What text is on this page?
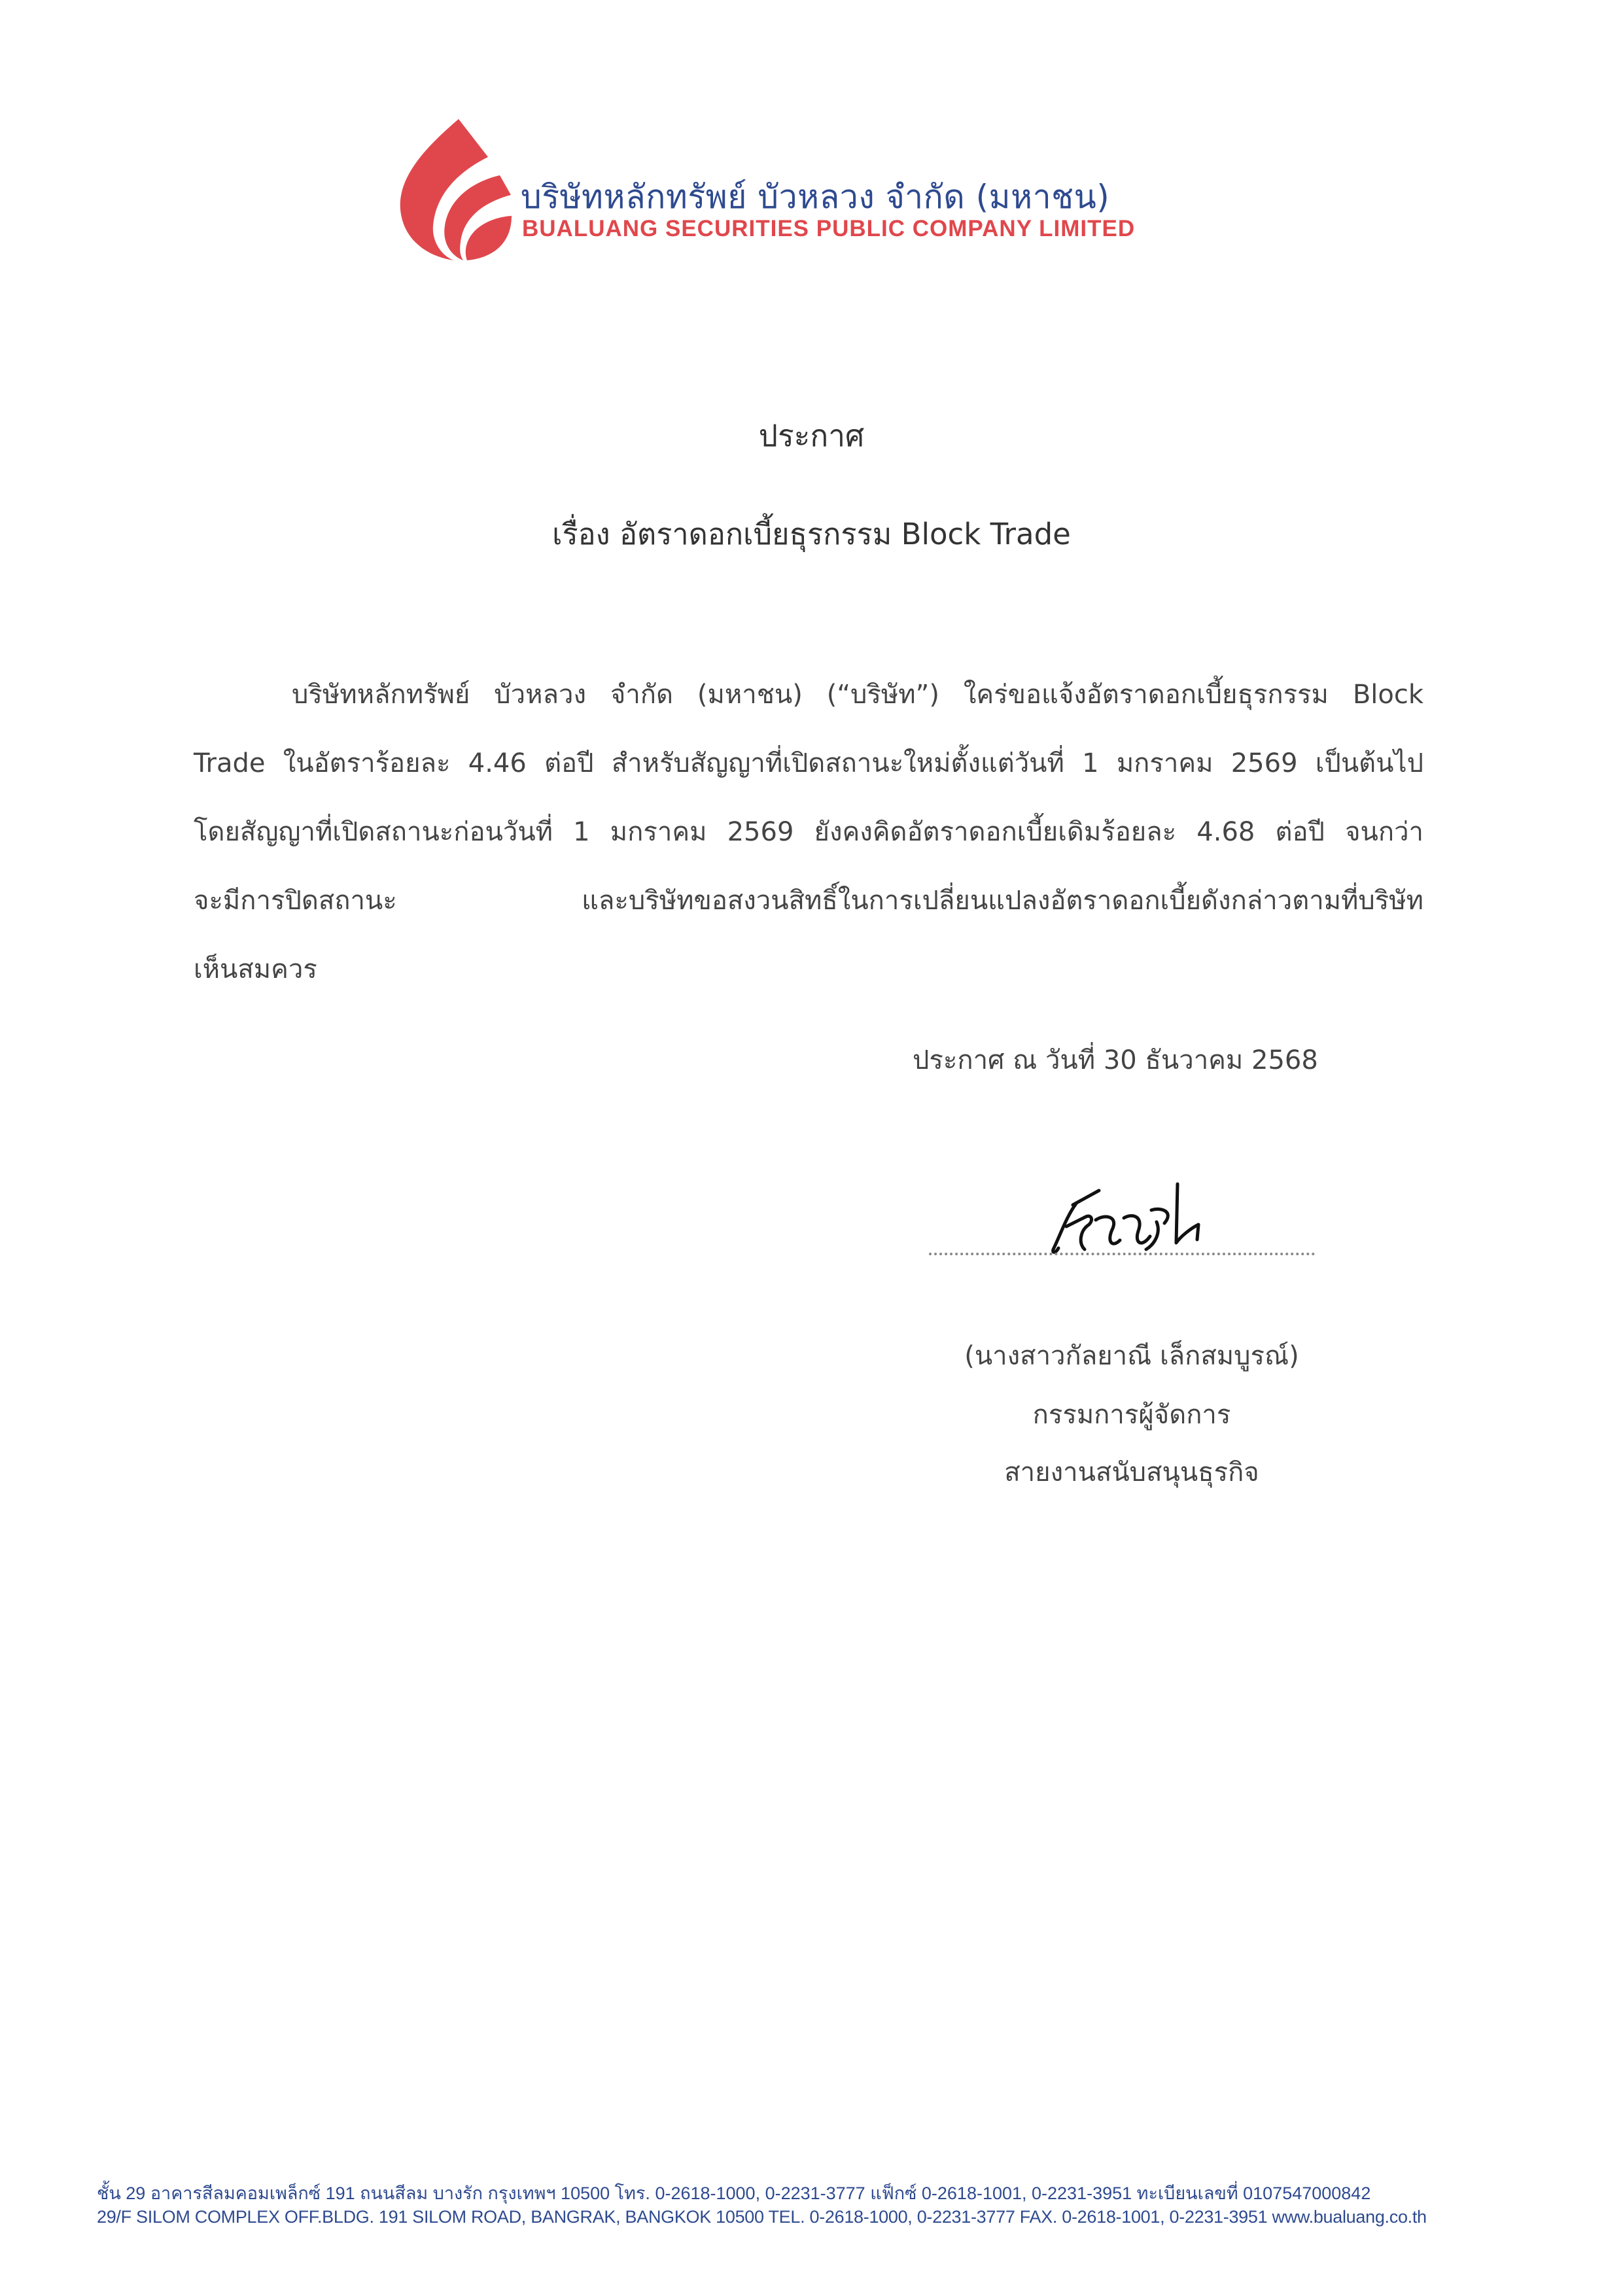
บริษัทหลักทรัพย์ บัวหลวง จำกัด (มหาชน)
BUALUANG SECURITIES PUBLIC COMPANY LIMITED
ประกาศ
เรื่อง อัตราดอกเบี้ยธุรกรรม Block Trade
บริษัทหลักทรัพย์ บัวหลวง จำกัด (มหาชน) (“บริษัท”) ใคร่ขอแจ้งอัตราดอกเบี้ยธุรกรรม Block
Trade ในอัตราร้อยละ 4.46 ต่อปี สำหรับสัญญาที่เปิดสถานะใหม่ตั้งแต่วันที่ 1 มกราคม 2569 เป็นต้นไป
โดยสัญญาที่เปิดสถานะก่อนวันที่ 1 มกราคม 2569 ยังคงคิดอัตราดอกเบี้ยเดิมร้อยละ 4.68 ต่อปี จนกว่า
จะมีการปิดสถานะ และบริษัทขอสงวนสิทธิ์ในการเปลี่ยนแปลงอัตราดอกเบี้ยดังกล่าวตามที่บริษัท
เห็นสมควร
ประกาศ ณ วันที่ 30 ธันวาคม 2568
(นางสาวกัลยาณี เล็กสมบูรณ์)
กรรมการผู้จัดการ
สายงานสนับสนุนธุรกิจ
ชั้น 29 อาคารสีลมคอมเพล็กซ์ 191 ถนนสีลม บางรัก กรุงเทพฯ 10500 โทร. 0-2618-1000, 0-2231-3777 แฟ็กซ์ 0-2618-1001, 0-2231-3951 ทะเบียนเลขที่ 0107547000842
29/F SILOM COMPLEX OFF.BLDG. 191 SILOM ROAD, BANGRAK, BANGKOK 10500 TEL. 0-2618-1000, 0-2231-3777 FAX. 0-2618-1001, 0-2231-3951 www.bualuang.co.th
